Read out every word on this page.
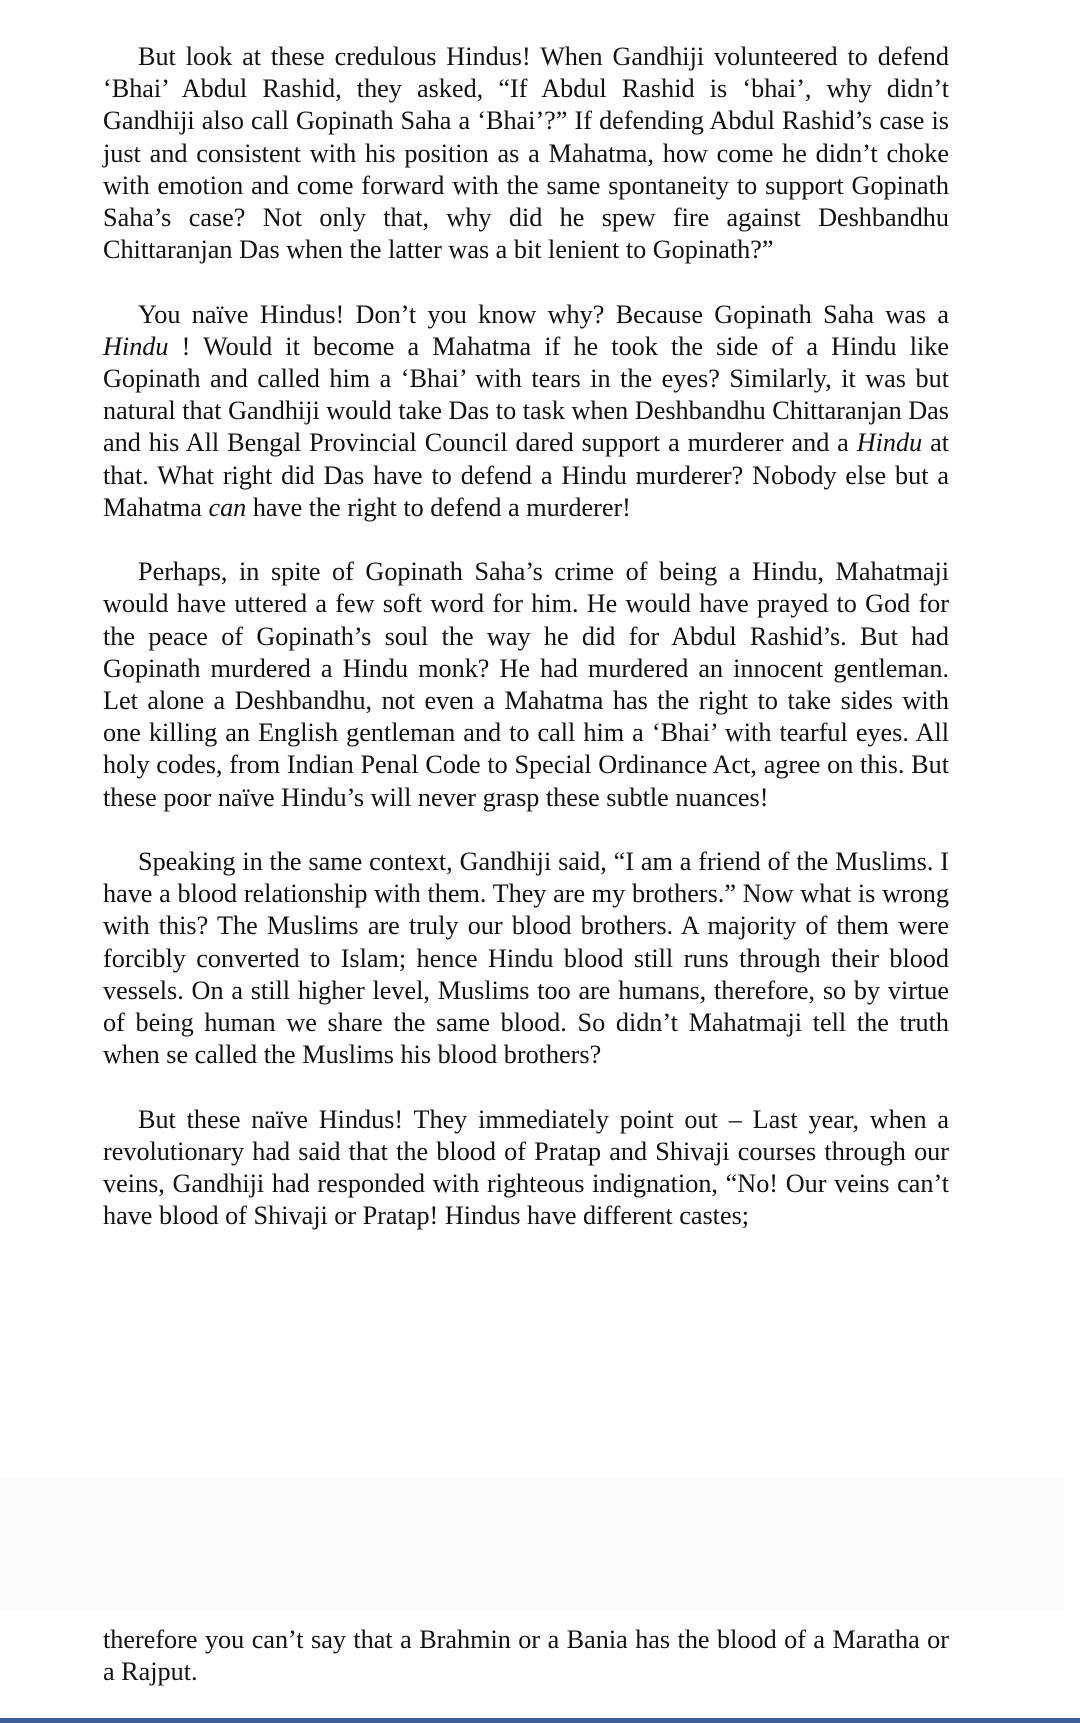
But look at these credulous Hindus! When Gandhiji volunteered to defend ‘Bhai’ Abdul Rashid, they asked, “If Abdul Rashid is ‘bhai’, why didn’t Gandhiji also call Gopinath Saha a ‘Bhai’?” If defending Abdul Rashid’s case is just and consistent with his position as a Mahatma, how come he didn’t choke with emotion and come forward with the same spontaneity to support Gopinath Saha’s case? Not only that, why did he spew fire against Deshbandhu Chittaranjan Das when the latter was a bit lenient to Gopinath?”

You naïve Hindus! Don’t you know why? Because Gopinath Saha was a Hindu ! Would it become a Mahatma if he took the side of a Hindu like Gopinath and called him a ‘Bhai’ with tears in the eyes? Similarly, it was but natural that Gandhiji would take Das to task when Deshbandhu Chittaranjan Das and his All Bengal Provincial Council dared support a murderer and a Hindu at that. What right did Das have to defend a Hindu murderer? Nobody else but a Mahatma can have the right to defend a murderer!

Perhaps, in spite of Gopinath Saha’s crime of being a Hindu, Mahatmaji would have uttered a few soft word for him. He would have prayed to God for the peace of Gopinath’s soul the way he did for Abdul Rashid’s. But had Gopinath murdered a Hindu monk? He had murdered an innocent gentleman. Let alone a Deshbandhu, not even a Mahatma has the right to take sides with one killing an English gentleman and to call him a ‘Bhai’ with tearful eyes. All holy codes, from Indian Penal Code to Special Ordinance Act, agree on this. But these poor naïve Hindu’s will never grasp these subtle nuances!

Speaking in the same context, Gandhiji said, “I am a friend of the Muslims. I have a blood relationship with them. They are my brothers.” Now what is wrong with this? The Muslims are truly our blood brothers. A majority of them were forcibly converted to Islam; hence Hindu blood still runs through their blood vessels. On a still higher level, Muslims too are humans, therefore, so by virtue of being human we share the same blood. So didn’t Mahatmaji tell the truth when se called the Muslims his blood brothers?

But these naïve Hindus! They immediately point out – Last year, when a revolutionary had said that the blood of Pratap and Shivaji courses through our veins, Gandhiji had responded with righteous indignation, “No! Our veins can’t have blood of Shivaji or Pratap! Hindus have different castes;

therefore you can’t say that a Brahmin or a Bania has the blood of a Maratha or a Rajput.
